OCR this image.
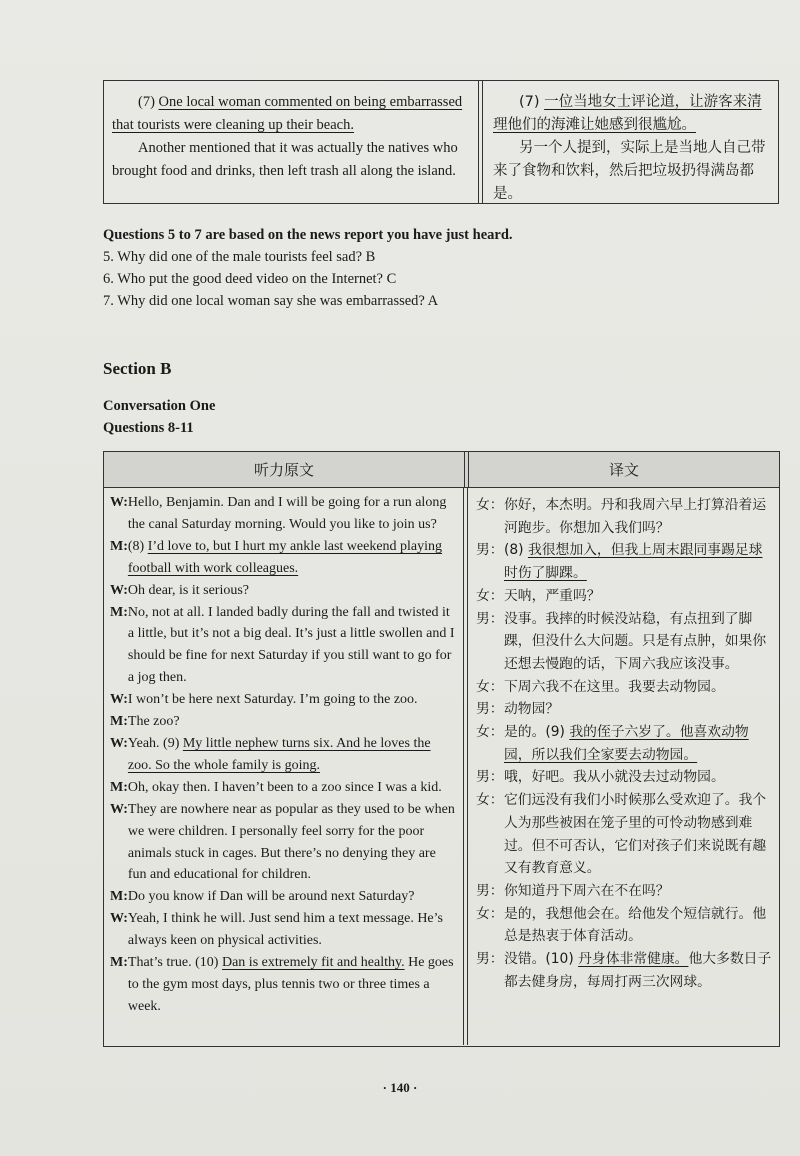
(7) One local woman commented on being embarrassed that tourists were cleaning up their beach.
Another mentioned that it was actually the natives who brought food and drinks, then left trash all along the island.
(7) 一位当地女士评论道，让游客来清理他们的海滩让她感到很尴尬。
另一个人提到，实际上是当地人自己带来了食物和饮料，然后把垃圾扔得满岛都是。
Questions 5 to 7 are based on the news report you have just heard.
5. Why did one of the male tourists feel sad? B
6. Who put the good deed video on the Internet? C
7. Why did one local woman say she was embarrassed? A
Section B
Conversation One
Questions 8-11
听力原文	译文
W: Hello, Benjamin. Dan and I will be going for a run along the canal Saturday morning. Would you like to join us?
M: (8) I’d love to, but I hurt my ankle last weekend playing football with work colleagues.
W: Oh dear, is it serious?
M: No, not at all. I landed badly during the fall and twisted it a little, but it’s not a big deal. It’s just a little swollen and I should be fine for next Saturday if you still want to go for a jog then.
W: I won’t be here next Saturday. I’m going to the zoo.
M: The zoo?
W: Yeah. (9) My little nephew turns six. And he loves the zoo. So the whole family is going.
M: Oh, okay then. I haven’t been to a zoo since I was a kid.
W: They are nowhere near as popular as they used to be when we were children. I personally feel sorry for the poor animals stuck in cages. But there’s no denying they are fun and educational for children.
M: Do you know if Dan will be around next Saturday?
W: Yeah, I think he will. Just send him a text message. He’s always keen on physical activities.
M: That’s true. (10) Dan is extremely fit and healthy. He goes to the gym most days, plus tennis two or three times a week.
女： 你好，本杰明。丹和我周六早上打算沿着运河跑步。你想加入我们吗？
男： (8) 我很想加入，但我上周末跟同事踢足球时伤了脚踝。
女： 天呐，严重吗？
男： 没事。我摔的时候没站稳，有点扭到了脚踝，但没什么大问题。只是有点肿，如果你还想去慢跑的话，下周六我应该没事。
女： 下周六我不在这里。我要去动物园。
男： 动物园？
女： 是的。(9) 我的侄子六岁了。他喜欢动物园，所以我们全家要去动物园。
男： 哦，好吧。我从小就没去过动物园。
女： 它们远没有我们小时候那么受欢迎了。我个人为那些被困在笼子里的可怜动物感到难过。但不可否认，它们对孩子们来说既有趣又有教育意义。
男： 你知道丹下周六在不在吗？
女： 是的，我想他会在。给他发个短信就行。他总是热衷于体育活动。
男： 没错。(10) 丹身体非常健康。他大多数日子都去健身房，每周打两三次网球。
· 140 ·
